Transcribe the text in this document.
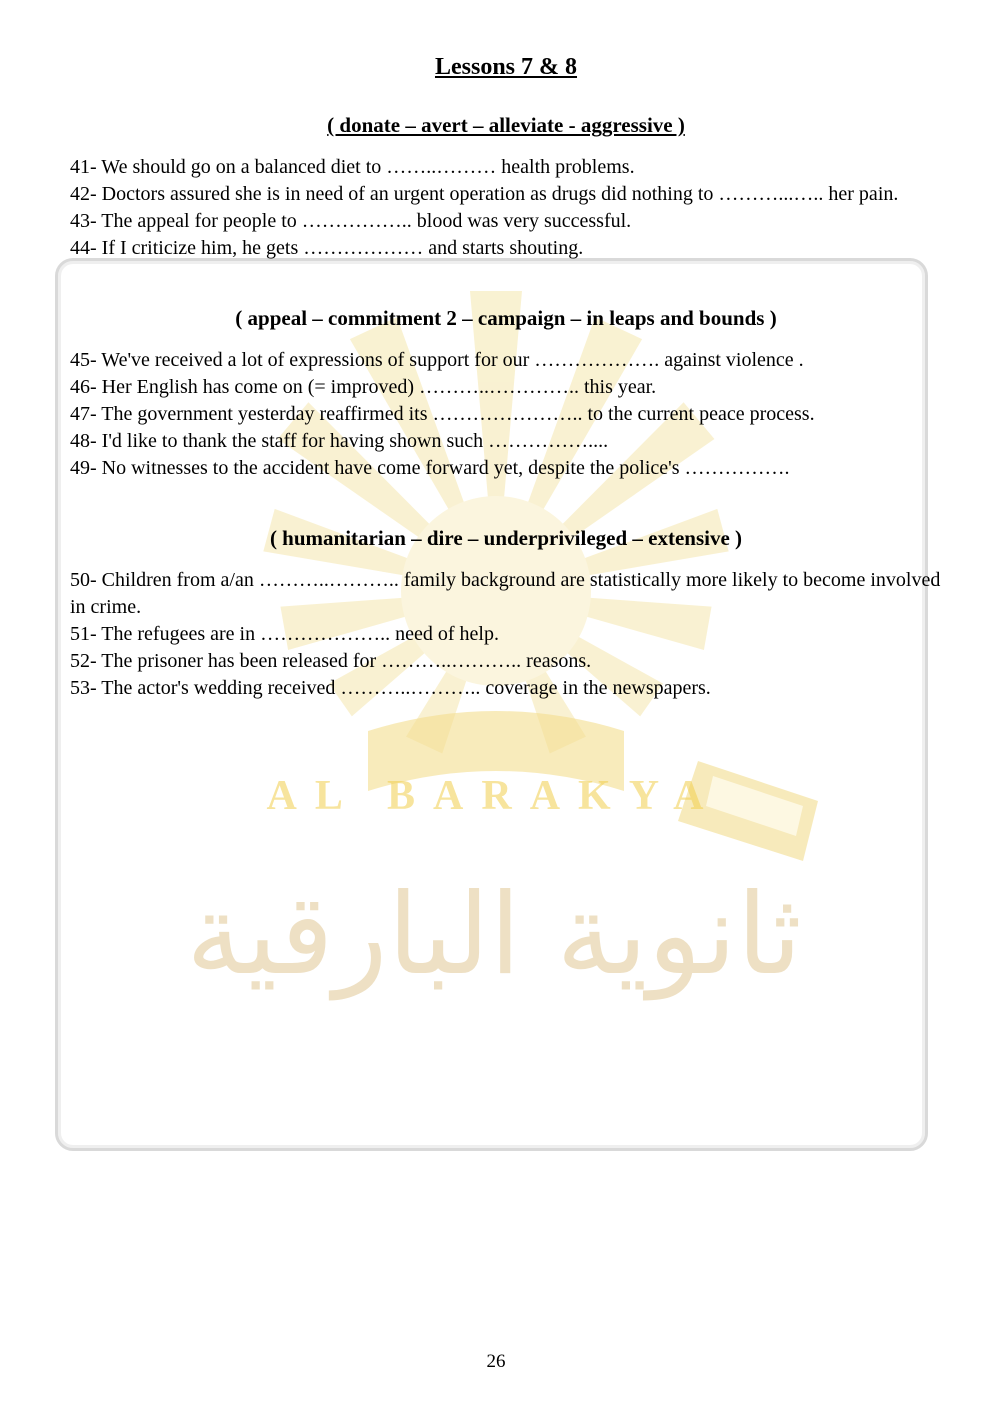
AL BARAKYA
ثانوية البارقية
Lessons 7 & 8
( donate – avert – alleviate - aggressive )

41- We should go on a balanced diet to ……..……… health problems.

42- Doctors assured she is in need of an urgent operation as drugs did nothing to ………...….. her pain.

43- The appeal for people to …………….. blood was very successful.

44- If I criticize him, he gets ……………… and starts shouting.

( appeal – commitment 2 – campaign – in leaps and bounds )

45- We've received a lot of expressions of support for our ………………. against violence .

46- Her English has come on (= improved) ………..………….. this year.

47- The government yesterday reaffirmed its ………………….. to the current peace process.

48- I'd like to thank the staff for having shown such ……………....

49- No witnesses to the accident have come forward yet, despite the police's …………….

( humanitarian – dire – underprivileged – extensive )

50- Children from a/an ………..……….. family background are statistically more likely to become involved in crime.

51- The refugees are in ……………….. need of help.

52- The prisoner has been released for ………..……….. reasons.

53- The actor's wedding received ………..……….. coverage in the newspapers.

26
